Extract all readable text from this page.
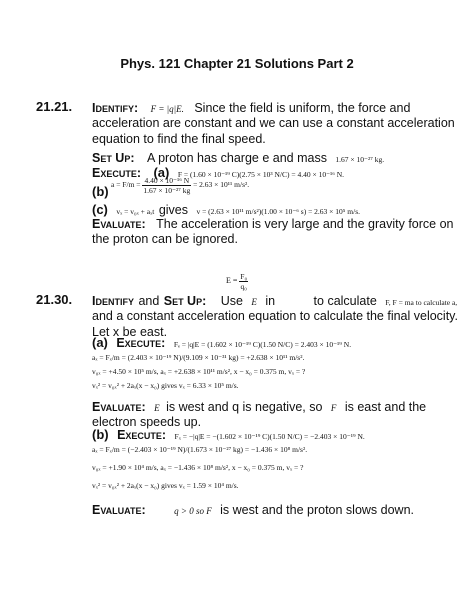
Phys. 121 Chapter 21 Solutions Part 2
21.21. Identify: F = |q|E. Since the field is uniform, the force and
acceleration are constant and we can use a constant acceleration
equation to find the final speed.
Set Up: A proton has charge e and mass 1.67 × 10⁻²⁷ kg.
Execute: (a) F = (1.60 × 10⁻¹⁹ C)(2.75 × 10³ N/C) = 4.40 × 10⁻¹⁶ N.
(b) $a = F/m = \frac{\text{4.40 × 10⁻¹⁶ N}}{\text{1.67 × 10⁻²⁷ kg}} = 2.63 \times 10^{11}$ m/s².
(c) vₓ = v₀ₓ + aₓt gives v = (2.63 × 10¹¹ m/s²)(1.00 × 10⁻⁶ s) = 2.63 × 10⁵ m/s.
Evaluate: The acceleration is very large and the gravity force on
the proton can be ignored.
$E = \frac{\text{F₀}}{\text{q₀}}$
21.30. Identify and Set Up: Use E in	to calculate F, F = ma to calculate a,
and a constant acceleration equation to calculate the final velocity.
Let x be east.
(a) Execute: Fₑ = |q|E = (1.602 × 10⁻¹⁹ C)(1.50 N/C) = 2.403 × 10⁻¹⁹ N.
aₓ = Fₓ/m = (2.403 × 10⁻¹⁹ N)/(9.109 × 10⁻³¹ kg) = +2.638 × 10¹¹ m/s².
v₀ₓ = +4.50 × 10⁵ m/s, aₓ = +2.638 × 10¹¹ m/s², x − x₀ = 0.375 m, vₓ = ?
vₓ² = v₀ₓ² + 2aₓ(x − x₀) gives vₓ = 6.33 × 10⁵ m/s.
Evaluate: E is west and q is negative, so F is east and the
electron speeds up.
(b) Execute: Fₓ = −|q|E = −(1.602 × 10⁻¹⁹ C)(1.50 N/C) = −2.403 × 10⁻¹⁹ N.
aₓ = Fₓ/m = (−2.403 × 10⁻¹⁹ N)/(1.673 × 10⁻²⁷ kg) = −1.436 × 10⁸ m/s².
v₀ₓ = +1.90 × 10⁴ m/s, aₓ = −1.436 × 10⁸ m/s², x − x₀ = 0.375 m, vₓ = ?
vₓ² = v₀ₓ² + 2aₓ(x − x₀) gives vₓ = 1.59 × 10⁴ m/s.
Evaluate:	q > 0 so F is west and the proton slows down.
